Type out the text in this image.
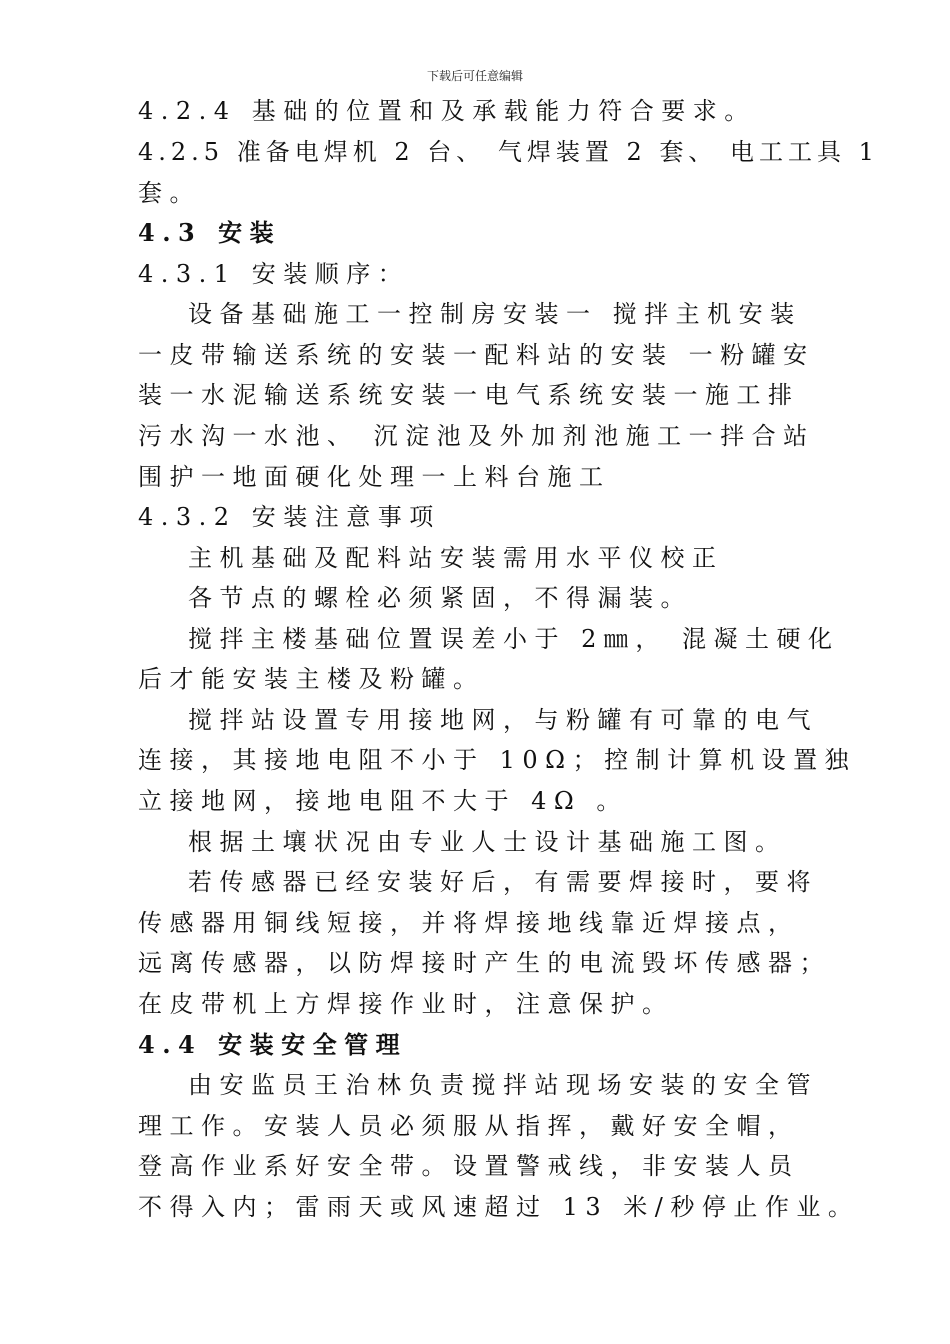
下载后可任意编辑
4.2.4 基础的位置和及承载能力符合要求。
4.2.5 准备电焊机 2 台、 气焊装置 2 套、 电工工具 1
套。
4.3 安装
4.3.1 安装顺序：
设备基础施工一控制房安装一 搅拌主机安装
一皮带输送系统的安装一配料站的安装 一粉罐安
装一水泥输送系统安装一电气系统安装一施工排
污水沟一水池、 沉淀池及外加剂池施工一拌合站
围护一地面硬化处理一上料台施工
4.3.2 安装注意事项
主机基础及配料站安装需用水平仪校正
各节点的螺栓必须紧固，不得漏装。
搅拌主楼基础位置误差小于 2㎜， 混凝土硬化
后才能安装主楼及粉罐。
搅拌站设置专用接地网，与粉罐有可靠的电气
连接，其接地电阻不小于 10Ω；控制计算机设置独
立接地网，接地电阻不大于 4Ω 。
根据土壤状况由专业人士设计基础施工图。
若传感器已经安装好后，有需要焊接时，要将
传感器用铜线短接，并将焊接地线靠近焊接点，
远离传感器，以防焊接时产生的电流毁坏传感器；
在皮带机上方焊接作业时，注意保护。
4.4 安装安全管理
由安监员王治林负责搅拌站现场安装的安全管
理工作。安装人员必须服从指挥，戴好安全帽，
登高作业系好安全带。设置警戒线，非安装人员
不得入内；雷雨天或风速超过 13 米/秒停止作业。
